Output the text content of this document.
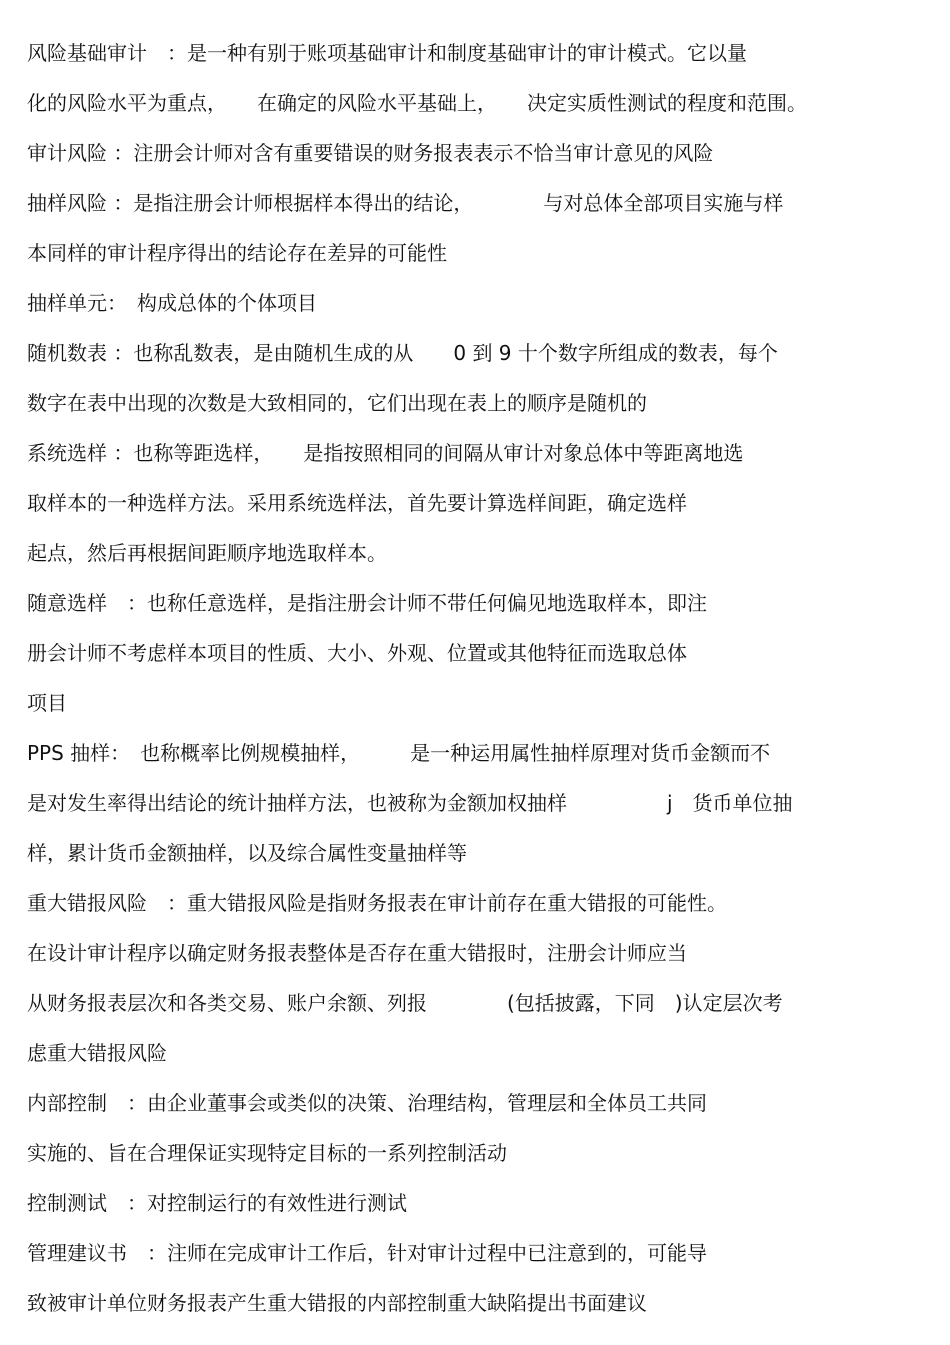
风险基础审计　：是一种有别于账项基础审计和制度基础审计的审计模式。它以量
化的风险水平为重点，　　在确定的风险水平基础上，　　决定实质性测试的程度和范围。
审计风险 ：注册会计师对含有重要错误的财务报表表示不恰当审计意见的风险
抽样风险 ：是指注册会计师根据样本得出的结论，　　　　与对总体全部项目实施与样
本同样的审计程序得出的结论存在差异的可能性
抽样单元：　构成总体的个体项目
随机数表 ：也称乱数表，是由随机生成的从　　0 到 9 十个数字所组成的数表，每个
数字在表中出现的次数是大致相同的，它们出现在表上的顺序是随机的
系统选样 ：也称等距选样，　　是指按照相同的间隔从审计对象总体中等距离地选
取样本的一种选样方法。采用系统选样法，首先要计算选样间距，确定选样
起点，然后再根据间距顺序地选取样本。
随意选样　：也称任意选样，是指注册会计师不带任何偏见地选取样本，即注
册会计师不考虑样本项目的性质、大小、外观、位置或其他特征而选取总体
项目
PPS 抽样：　也称概率比例规模抽样，　　　是一种运用属性抽样原理对货币金额而不
是对发生率得出结论的统计抽样方法，也被称为金额加权抽样　　　　　j　货币单位抽
样，累计货币金额抽样，以及综合属性变量抽样等
重大错报风险　：重大错报风险是指财务报表在审计前存在重大错报的可能性。
在设计审计程序以确定财务报表整体是否存在重大错报时，注册会计师应当
从财务报表层次和各类交易、账户余额、列报　　　　(包括披露，下同　)认定层次考
虑重大错报风险
内部控制　：由企业董事会或类似的决策、治理结构，管理层和全体员工共同
实施的、旨在合理保证实现特定目标的一系列控制活动
控制测试　：对控制运行的有效性进行测试
管理建议书　：注师在完成审计工作后，针对审计过程中已注意到的，可能导
致被审计单位财务报表产生重大错报的内部控制重大缺陷提出书面建议
